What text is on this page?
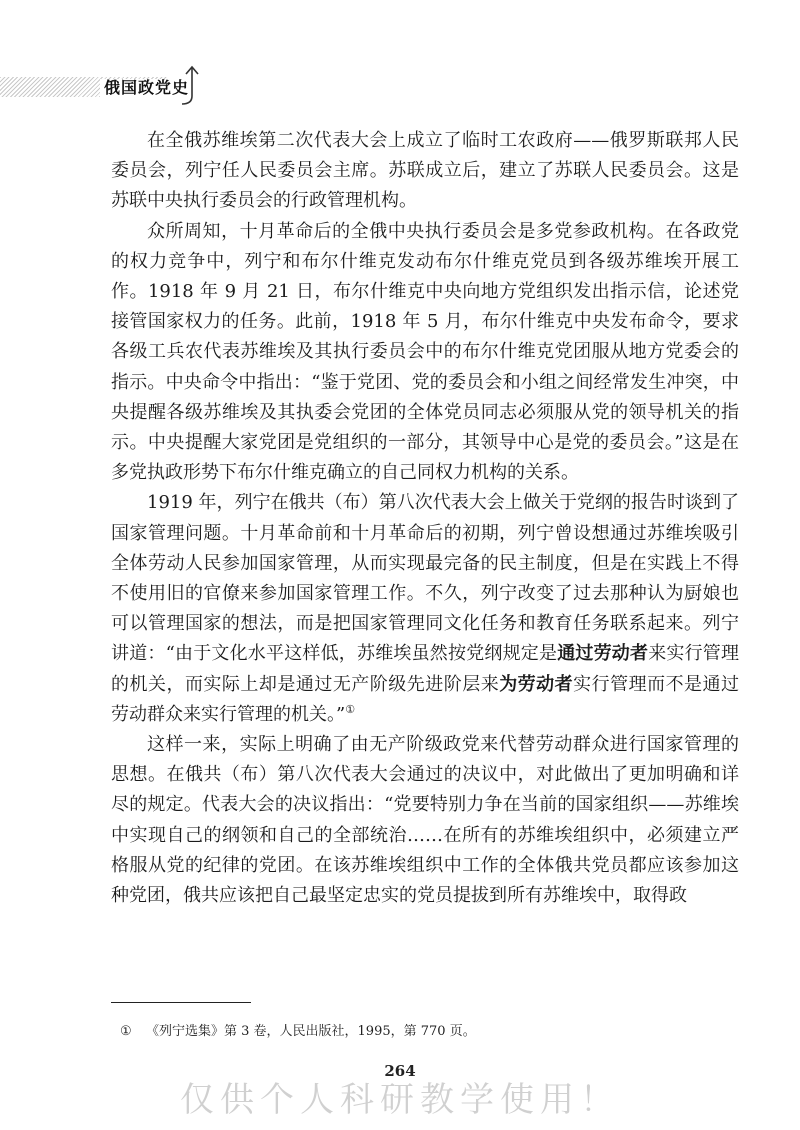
俄国政党史

在全俄苏维埃第二次代表大会上成立了临时工农政府——俄罗斯联邦人民委员会，列宁任人民委员会主席。苏联成立后，建立了苏联人民委员会。这是苏联中央执行委员会的行政管理机构。

众所周知，十月革命后的全俄中央执行委员会是多党参政机构。在各政党的权力竞争中，列宁和布尔什维克发动布尔什维克党员到各级苏维埃开展工作。1918 年 9 月 21 日，布尔什维克中央向地方党组织发出指示信，论述党接管国家权力的任务。此前，1918 年 5 月，布尔什维克中央发布命令，要求各级工兵农代表苏维埃及其执行委员会中的布尔什维克党团服从地方党委会的指示。中央命令中指出：“鉴于党团、党的委员会和小组之间经常发生冲突，中央提醒各级苏维埃及其执委会党团的全体党员同志必须服从党的领导机关的指示。中央提醒大家党团是党组织的一部分，其领导中心是党的委员会。”这是在多党执政形势下布尔什维克确立的自己同权力机构的关系。

1919 年，列宁在俄共（布）第八次代表大会上做关于党纲的报告时谈到了国家管理问题。十月革命前和十月革命后的初期，列宁曾设想通过苏维埃吸引全体劳动人民参加国家管理，从而实现最完备的民主制度，但是在实践上不得不使用旧的官僚来参加国家管理工作。不久，列宁改变了过去那种认为厨娘也可以管理国家的想法，而是把国家管理同文化任务和教育任务联系起来。列宁讲道：“由于文化水平这样低，苏维埃虽然按党纲规定是通过劳动者来实行管理的机关，而实际上却是通过无产阶级先进阶层来为劳动者实行管理而不是通过劳动群众来实行管理的机关。”①

这样一来，实际上明确了由无产阶级政党来代替劳动群众进行国家管理的思想。在俄共（布）第八次代表大会通过的决议中，对此做出了更加明确和详尽的规定。代表大会的决议指出：“党要特别力争在当前的国家组织——苏维埃中实现自己的纲领和自己的全部统治……在所有的苏维埃组织中，必须建立严格服从党的纪律的党团。在该苏维埃组织中工作的全体俄共党员都应该参加这种党团，俄共应该把自己最坚定忠实的党员提拔到所有苏维埃中，取得政

① 《列宁选集》第 3 卷，人民出版社，1995，第 770 页。
264
仅供个人科研教学使用！
